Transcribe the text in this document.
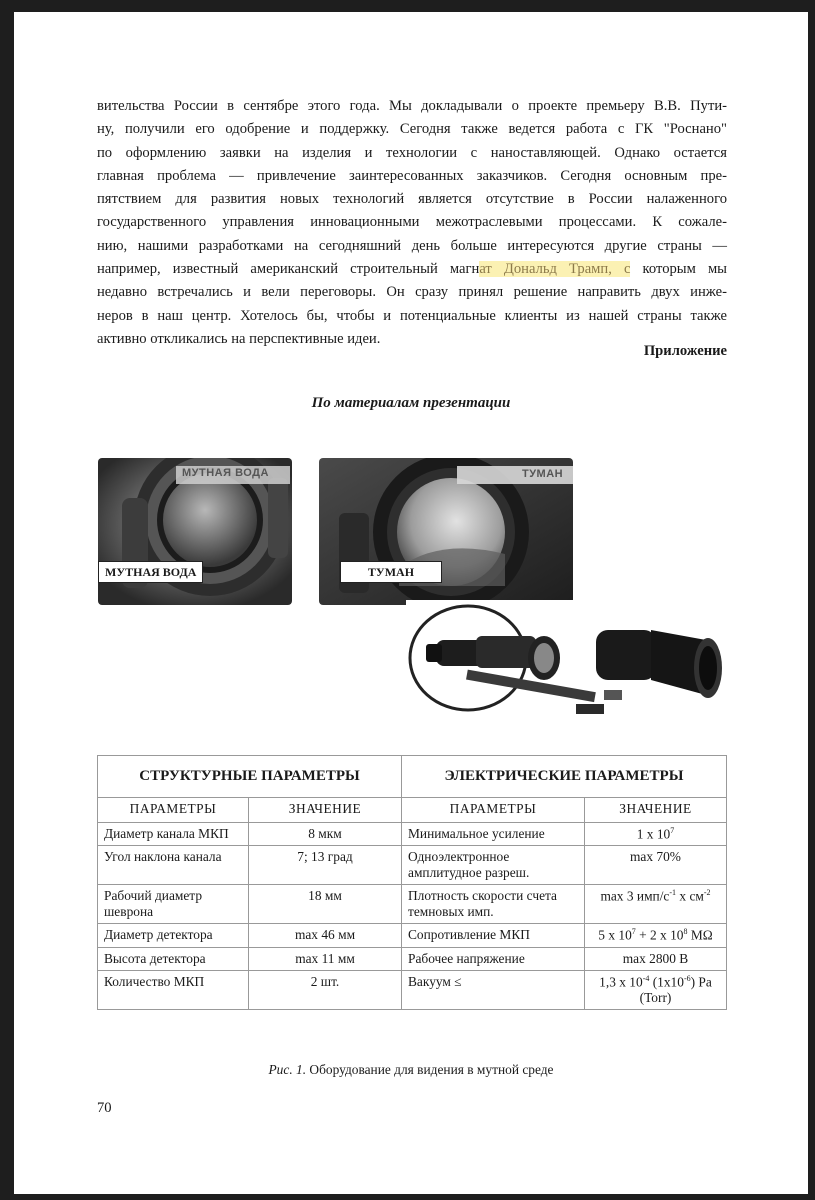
вительства России в сентябре этого года. Мы докладывали о проекте премьеру В.В. Пути-
ну, получили его одобрение и поддержку. Сегодня также ведется работа с ГК "Роснано"
по оформлению заявки на изделия и технологии с наноставляющей. Однако остается
главная проблема — привлечение заинтересованных заказчиков. Сегодня основным пре-
пятствием для развития новых технологий является отсутствие в России налаженного
государственного управления инновационными межотраслевыми процессами. К сожале-
нию, нашими разработками на сегодняшний день больше интересуются другие страны —
например, известный американский строительный магнат Дональд Трамп, с которым мы
недавно встречались и вели переговоры. Он сразу принял решение направить двух инже-
неров в наш центр. Хотелось бы, чтобы и потенциальные клиенты из нашей страны также
активно откликались на перспективные идеи.
Приложение
По материалам презентации
МУТНАЯ ВОДА
МУТНАЯ ВОДА
ТУМАН
ТУМАН
СТРУКТУРНЫЕ ПАРАМЕТРЫ		ЭЛЕКТРИЧЕСКИЕ ПАРАМЕТРЫ	
ПАРАМЕТРЫ	ЗНАЧЕНИЕ	ПАРАМЕТРЫ	ЗНАЧЕНИЕ
Диаметр канала МКП	8 мкм	Минимальное усиление	1 х $10^7$
Угол наклона канала	7; 13 град	Одноэлектронное амплитудное разреш.	max 70%
Рабочий диаметр шеврона	18 мм	Плотность скорости счета темновых имп.	max 3 имп/$с^{-1}$ х $см^{-2}$
Диаметр детектора	max 46 мм	Сопротивление МКП	5 х $10^7 + 2$ х $10^8$ MΩ
Высота детектора	max 11 мм	Рабочее напряжение	max 2800 В
Количество МКП	2 шт.	Вакуум ≤	1,3 х $10^{-4}$ $(1х10^{-6})$ Pa
(Torr)
Рис. 1. Оборудование для видения в мутной среде
70
